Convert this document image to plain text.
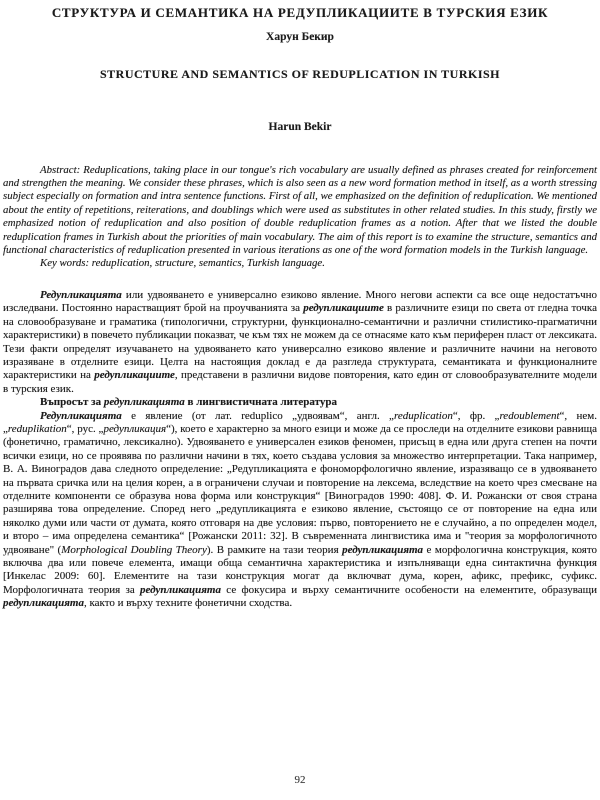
СТРУКТУРА И СЕМАНТИКА НА РЕДУПЛИКАЦИИТЕ В ТУРСКИЯ ЕЗИК
Харун Бекир
STRUCTURE AND SEMANTICS OF REDUPLICATION IN TURKISH
Harun Bekir

Abstract: Reduplications, taking place in our tongue's rich vocabulary are usually defined as phrases created for reinforcement and strengthen the meaning. We consider these phrases, which is also seen as a new word formation method in itself, as a worth stressing subject especially on formation and intra sentence functions. First of all, we emphasized on the definition of reduplication. We mentioned about the entity of repetitions, reiterations, and doublings which were used as substitutes in other related studies. In this study, firstly we emphasized notion of reduplication and also position of double reduplication frames as a notion. After that we listed the double reduplication frames in Turkish about the priorities of main vocabulary. The aim of this report is to examine the structure, semantics and functional characteristics of reduplication presented in various iterations as one of the word formation models in the Turkish language.

Key words: reduplication, structure, semantics, Turkish language.

Редупликацията или удвояването е универсално езиково явление. Много негови аспекти са все още недостатъчно изследвани. Постоянно нарастващият брой на проучванията за редупликациите в различните езици по света от гледна точка на словообразуване и граматика (типологични, структурни, функционално-семантични и различни стилистико-прагматични характеристики) в повечето публикации показват, че към тях не можем да се отнасяме като към периферен пласт от лексиката. Тези факти определят изучаването на удвояването като универсално езиково явление и различните начини на неговото изразяване в отделните езици. Целта на настоящия доклад е да разгледа структурата, семантиката и функционалните характеристики на редупликациите, представени в различни видове повторения, като един от словообразувателните модели в турския език.

Въпросът за редупликацията в лингвистичната литература

Редупликацията е явление (от лат. reduplico „удвоявам“, англ. „reduplication“, фр. „redoublement“, нем. „reduplikation“, рус. „редупликация“), което е характерно за много езици и може да се проследи на отделните езикови равнища (фонетично, граматично, лексикално). Удвояването е универсален езиков феномен, присъщ в една или друга степен на почти всички езици, но се проявява по различни начини в тях, което създава условия за множество интерпретации. Така например, В. А. Виноградов дава следното определение: „Редупликацията е фономорфологично явление, изразяващо се в удвояването на първата сричка или на целия корен, а в ограничени случаи и повторение на лексема, вследствие на което чрез смесване на отделните компоненти се образува нова форма или конструкция“ [Виноградов 1990: 408]. Ф. И. Рожански от своя страна разширява това определение. Според него „редупликацията е езиково явление, състоящо се от повторение на една или няколко думи или части от думата, която отговаря на две условия: първо, повторението не е случайно, а по определен модел, и второ – има определена семантика“ [Рожански 2011: 32]. В съвременната лингвистика има и "теория за морфологичното удвояване" (Morphological Doubling Theory). В рамките на тази теория редупликацията е морфологична конструкция, която включва два или повече елемента, имащи обща семантична характеристика и изпълняващи една синтактична функция [Инкелас 2009: 60]. Елементите на тази конструкция могат да включват дума, корен, афикс, префикс, суфикс. Морфологичната теория за редупликацията се фокусира и върху семантичните особености на елементите, образуващи редупликацията, както и върху техните фонетични сходства.

92
